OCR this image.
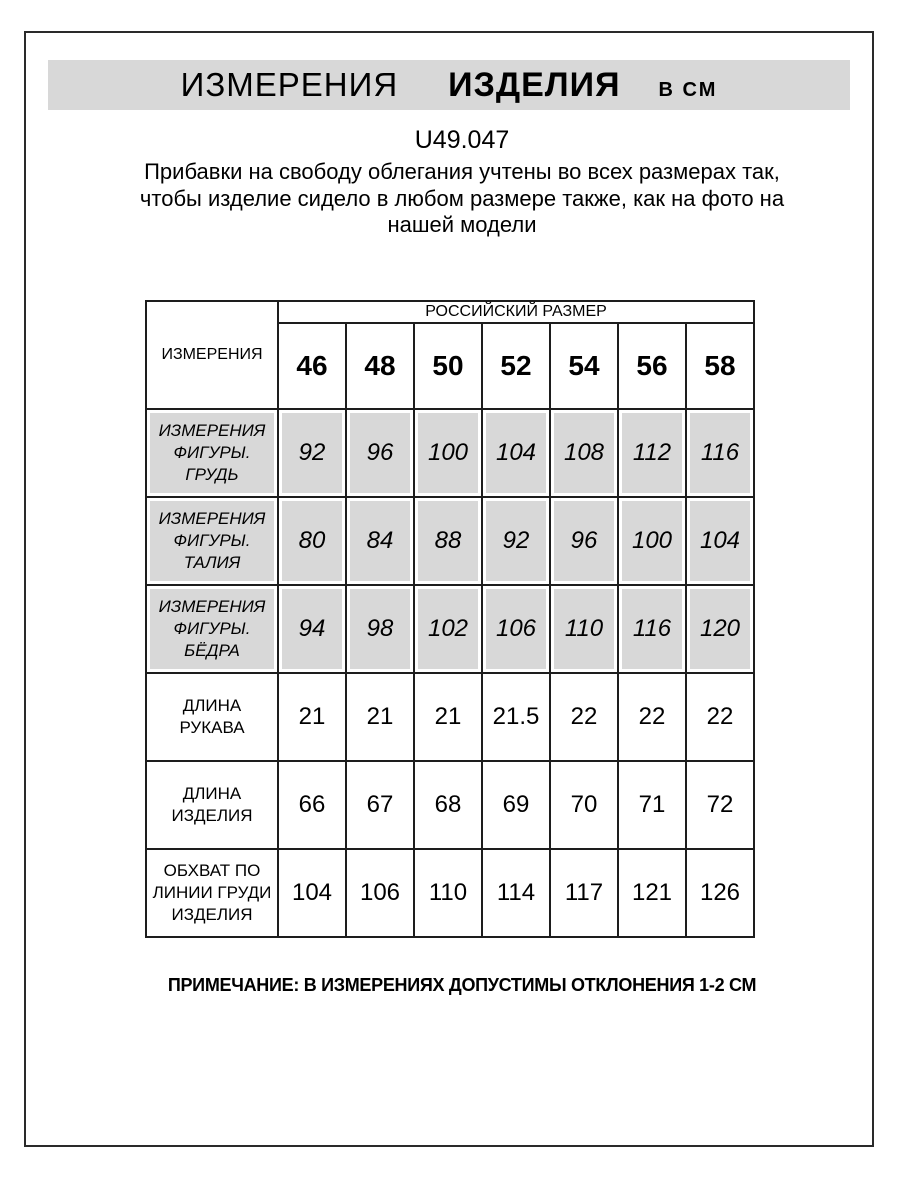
ИЗМЕРЕНИЯ ИЗДЕЛИЯ В СМ
U49.047
Прибавки на свободу облегания учтены во всех размерах так, чтобы изделие сидело в любом размере также, как на фото на нашей модели
ИЗМЕРЕНИЯ	РОССИЙСКИЙ РАЗМЕР						
	46	48	50	52	54	56	58
ИЗМЕРЕНИЯ ФИГУРЫ. ГРУДЬ	92	96	100	104	108	112	116
ИЗМЕРЕНИЯ ФИГУРЫ. ТАЛИЯ	80	84	88	92	96	100	104
ИЗМЕРЕНИЯ ФИГУРЫ. БЁДРА	94	98	102	106	110	116	120
ДЛИНА РУКАВА	21	21	21	21.5	22	22	22
ДЛИНА ИЗДЕЛИЯ	66	67	68	69	70	71	72
ОБХВАТ ПО ЛИНИИ ГРУДИ ИЗДЕЛИЯ	104	106	110	114	117	121	126
ПРИМЕЧАНИЕ: В ИЗМЕРЕНИЯХ ДОПУСТИМЫ ОТКЛОНЕНИЯ 1-2 СМ
